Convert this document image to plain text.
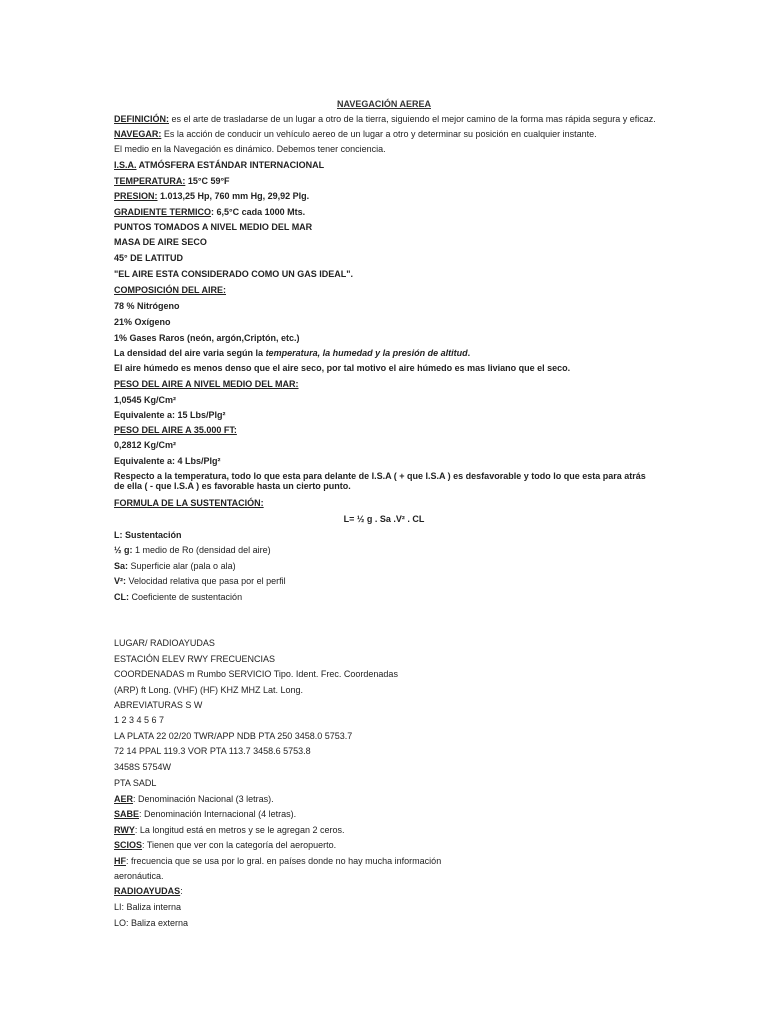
NAVEGACIÓN AEREA
DEFINICIÓN: es el arte de trasladarse de un lugar a otro de la tierra, siguiendo el mejor camino de la forma mas rápida segura y eficaz.
NAVEGAR: Es la acción de conducir un vehículo aereo de un lugar a otro y determinar su posición en cualquier instante.
El medio en la Navegación es dinámico. Debemos tener conciencia.
I.S.A. ATMÓSFERA ESTÁNDAR INTERNACIONAL
TEMPERATURA: 15°C 59°F
PRESION: 1.013,25 Hp, 760 mm Hg, 29,92 Plg.
GRADIENTE TERMICO: 6,5°C cada 1000 Mts.
PUNTOS TOMADOS A NIVEL MEDIO DEL MAR
MASA DE AIRE SECO
45° DE LATITUD
"EL AIRE ESTA CONSIDERADO COMO UN GAS IDEAL".
COMPOSICIÓN DEL AIRE:
78 % Nitrógeno
21% Oxígeno
1% Gases Raros (neón, argón,Criptón, etc.)
La densidad del aire varia según la temperatura, la humedad y la presión de altitud.
El aire húmedo es menos denso que el aire seco, por tal motivo el aire húmedo es mas liviano que el seco.
PESO DEL AIRE A NIVEL MEDIO DEL MAR:
1,0545 Kg/Cm²
Equivalente a: 15 Lbs/Plg²
PESO DEL AIRE A 35.000 FT:
0,2812 Kg/Cm²
Equivalente a: 4 Lbs/Plg²
Respecto a la temperatura, todo lo que esta para delante de I.S.A ( + que I.S.A ) es desfavorable y todo lo que esta para atrás de ella ( - que I.S.A ) es favorable hasta un cierto punto.
FORMULA DE LA SUSTENTACIÓN:
L= ½ g . Sa .V² . CL
L: Sustentación
½ g: 1 medio de Ro (densidad del aire)
Sa: Superficie alar (pala o ala)
V²: Velocidad relativa que pasa por el perfil
CL: Coeficiente de sustentación
LUGAR/ RADIOAYUDAS
ESTACIÓN ELEV RWY FRECUENCIAS
COORDENADAS m Rumbo SERVICIO Tipo. Ident. Frec. Coordenadas
(ARP) ft Long. (VHF) (HF) KHZ MHZ Lat. Long.
ABREVIATURAS S W
1 2 3 4 5 6 7
LA PLATA 22 02/20 TWR/APP NDB PTA 250 3458.0 5753.7
72 14 PPAL 119.3 VOR PTA 113.7 3458.6 5753.8
3458S 5754W
PTA SADL
AER: Denominación Nacional (3 letras).
SABE: Denominación Internacional (4 letras).
RWY: La longitud está en metros y se le agregan 2 ceros.
SCIOS: Tienen que ver con la categoría del aeropuerto.
HF: frecuencia que se usa por lo gral. en países donde no hay mucha información
aeronáutica.
RADIOAYUDAS:
LI: Baliza interna
LO: Baliza externa
